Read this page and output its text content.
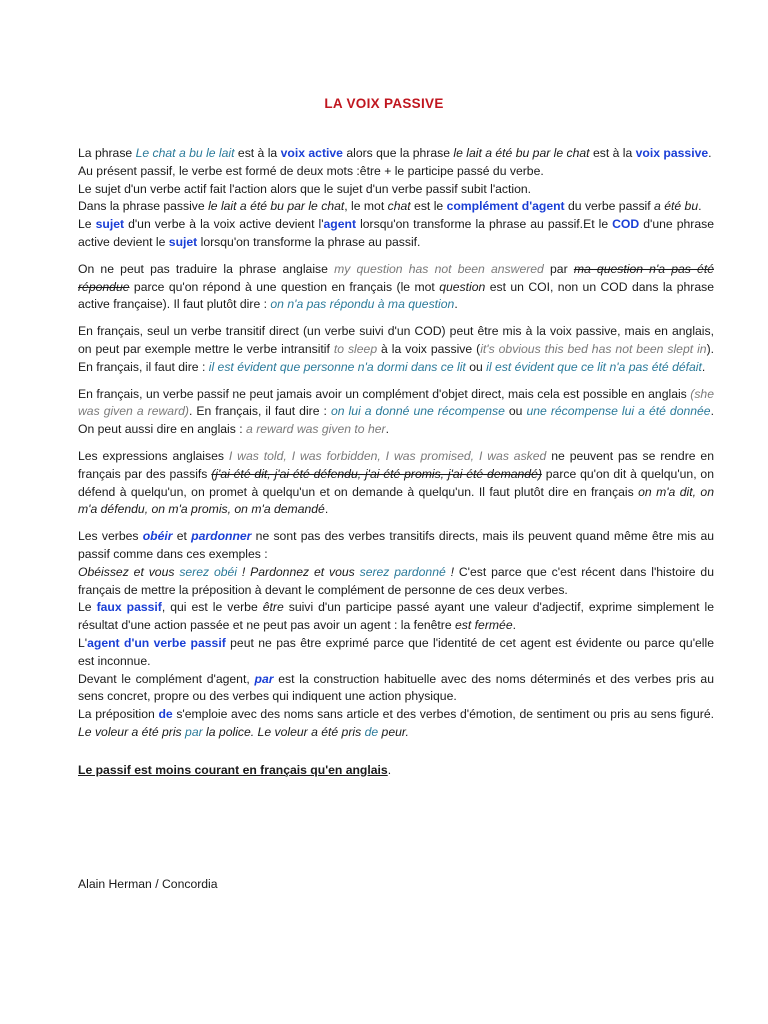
LA VOIX PASSIVE

La phrase Le chat a bu le lait est à la voix active alors que la phrase le lait a été bu par le chat est à la voix passive.

Au présent passif, le verbe est formé de deux mots :être + le participe passé du verbe.

Le sujet d'un verbe actif fait l'action alors que le sujet d'un verbe passif subit l'action.

Dans la phrase passive le lait a été bu par le chat, le mot chat est le complément d'agent du verbe passif a été bu.

Le sujet d'un verbe à la voix active devient l'agent lorsqu'on transforme la phrase au passif.Et le COD d'une phrase active devient le sujet lorsqu'on transforme la phrase au passif.

On ne peut pas traduire la phrase anglaise my question has not been answered par ma question n'a pas été répondue parce qu'on répond à une question en français (le mot question est un COI, non un COD dans la phrase active française). Il faut plutôt dire : on n'a pas répondu à ma question.

En français, seul un verbe transitif direct (un verbe suivi d'un COD) peut être mis à la voix passive, mais en anglais, on peut par exemple mettre le verbe intransitif to sleep à la voix passive (it's obvious this bed has not been slept in). En français, il faut dire : il est évident que personne n'a dormi dans ce lit ou il est évident que ce lit n'a pas été défait.

En français, un verbe passif ne peut jamais avoir un complément d'objet direct, mais cela est possible en anglais (she was given a reward). En français, il faut dire : on lui a donné une récompense ou une récompense lui a été donnée. On peut aussi dire en anglais : a reward was given to her.

Les expressions anglaises I was told, I was forbidden, I was promised, I was asked ne peuvent pas se rendre en français par des passifs (j'ai été dit, j'ai été défendu, j'ai été promis, j'ai été demandé) parce qu'on dit à quelqu'un, on défend à quelqu'un, on promet à quelqu'un et on demande à quelqu'un. Il faut plutôt dire en français on m'a dit, on m'a défendu, on m'a promis, on m'a demandé.

Les verbes obéir et pardonner ne sont pas des verbes transitifs directs, mais ils peuvent quand même être mis au passif comme dans ces exemples :

Obéissez et vous serez obéi ! Pardonnez et vous serez pardonné ! C'est parce que c'est récent dans l'histoire du français de mettre la préposition à devant le complément de personne de ces deux verbes.

Le faux passif, qui est le verbe être suivi d'un participe passé ayant une valeur d'adjectif, exprime simplement le résultat d'une action passée et ne peut pas avoir un agent : la fenêtre est fermée.

L'agent d'un verbe passif peut ne pas être exprimé parce que l'identité de cet agent est évidente ou parce qu'elle est inconnue.

Devant le complément d'agent, par est la construction habituelle avec des noms déterminés et des verbes pris au sens concret, propre ou des verbes qui indiquent une action physique.

La préposition de s'emploie avec des noms sans article et des verbes d'émotion, de sentiment ou pris au sens figuré. Le voleur a été pris par la police. Le voleur a été pris de peur.

Le passif est moins courant en français qu'en anglais.

Alain Herman / Concordia
